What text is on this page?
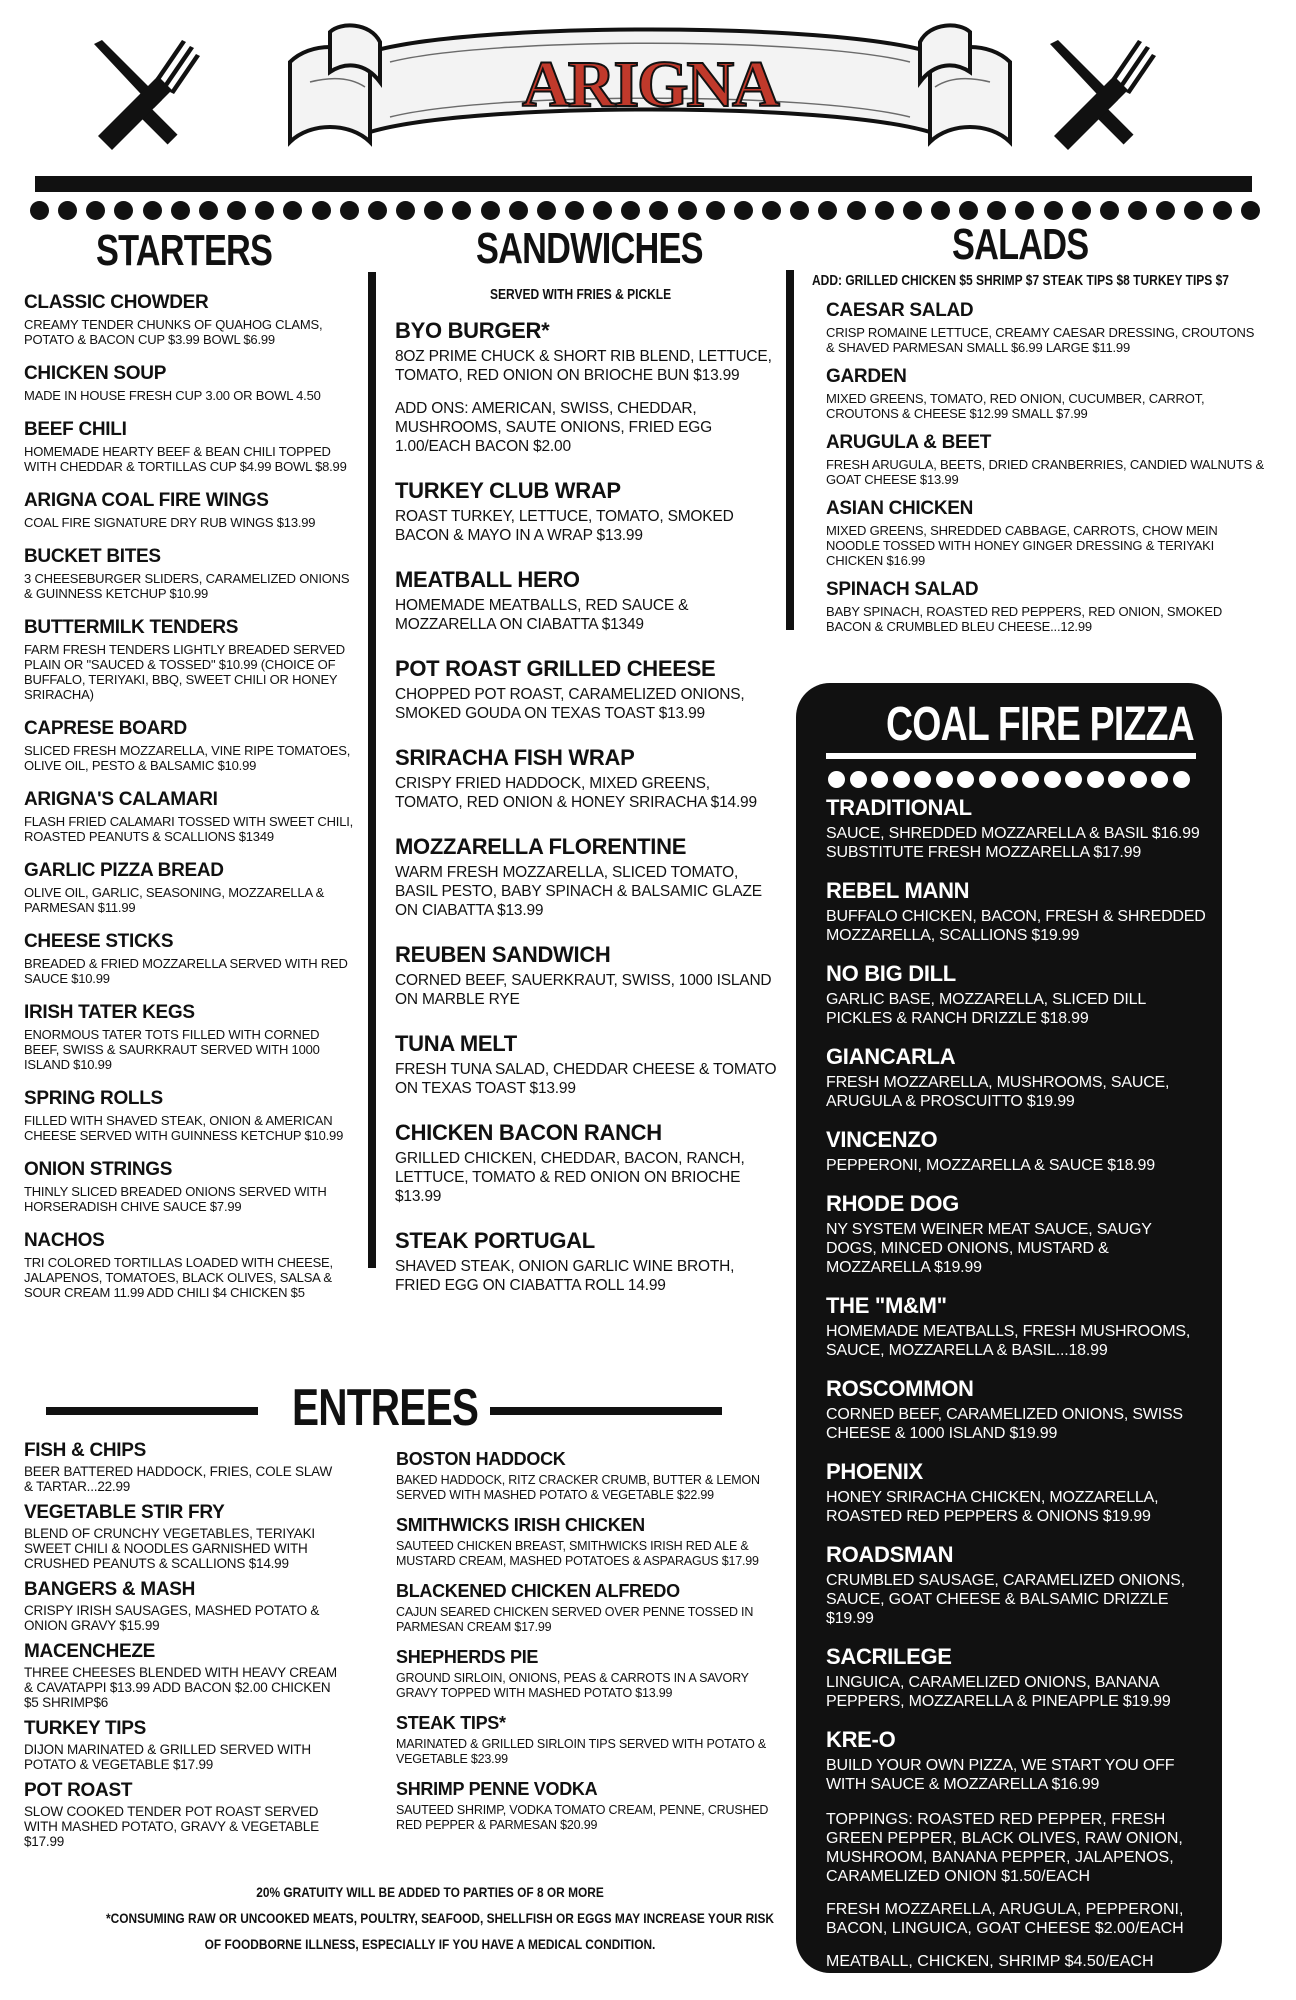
ARIGNA
STARTERS
CLASSIC CHOWDER
CREAMY TENDER CHUNKS OF QUAHOG CLAMS, POTATO & BACON CUP $3.99 BOWL $6.99
CHICKEN SOUP
MADE IN HOUSE FRESH CUP 3.00 OR BOWL 4.50
BEEF CHILI
HOMEMADE HEARTY BEEF & BEAN CHILI TOPPED WITH CHEDDAR & TORTILLAS CUP $4.99 BOWL $8.99
ARIGNA COAL FIRE WINGS
COAL FIRE SIGNATURE DRY RUB WINGS $13.99
BUCKET BITES
3 CHEESEBURGER SLIDERS, CARAMELIZED ONIONS & GUINNESS KETCHUP $10.99
BUTTERMILK TENDERS
FARM FRESH TENDERS LIGHTLY BREADED SERVED PLAIN OR "SAUCED & TOSSED" $10.99 (CHOICE OF BUFFALO, TERIYAKI, BBQ, SWEET CHILI OR HONEY SRIRACHA)
CAPRESE BOARD
SLICED FRESH MOZZARELLA, VINE RIPE TOMATOES, OLIVE OIL, PESTO & BALSAMIC $10.99
ARIGNA'S CALAMARI
FLASH FRIED CALAMARI TOSSED WITH SWEET CHILI, ROASTED PEANUTS & SCALLIONS $1349
GARLIC PIZZA BREAD
OLIVE OIL, GARLIC, SEASONING, MOZZARELLA & PARMESAN $11.99
CHEESE STICKS
BREADED & FRIED MOZZARELLA SERVED WITH RED SAUCE $10.99
IRISH TATER KEGS
ENORMOUS TATER TOTS FILLED WITH CORNED BEEF, SWISS & SAURKRAUT SERVED WITH 1000 ISLAND $10.99
SPRING ROLLS
FILLED WITH SHAVED STEAK, ONION & AMERICAN CHEESE SERVED WITH GUINNESS KETCHUP $10.99
ONION STRINGS
THINLY SLICED BREADED ONIONS SERVED WITH HORSERADISH CHIVE SAUCE $7.99
NACHOS
TRI COLORED TORTILLAS LOADED WITH CHEESE, JALAPENOS, TOMATOES, BLACK OLIVES, SALSA & SOUR CREAM 11.99 ADD CHILI $4 CHICKEN $5
SANDWICHES
SERVED WITH FRIES & PICKLE
BYO BURGER*
8OZ PRIME CHUCK & SHORT RIB BLEND, LETTUCE, TOMATO, RED ONION ON BRIOCHE BUN $13.99
ADD ONS: AMERICAN, SWISS, CHEDDAR, MUSHROOMS, SAUTE ONIONS, FRIED EGG 1.00/EACH BACON $2.00
TURKEY CLUB WRAP
ROAST TURKEY, LETTUCE, TOMATO, SMOKED BACON & MAYO IN A WRAP $13.99
MEATBALL HERO
HOMEMADE MEATBALLS, RED SAUCE & MOZZARELLA ON CIABATTA $1349
POT ROAST GRILLED CHEESE
CHOPPED POT ROAST, CARAMELIZED ONIONS, SMOKED GOUDA ON TEXAS TOAST $13.99
SRIRACHA FISH WRAP
CRISPY FRIED HADDOCK, MIXED GREENS, TOMATO, RED ONION & HONEY SRIRACHA $14.99
MOZZARELLA FLORENTINE
WARM FRESH MOZZARELLA, SLICED TOMATO, BASIL PESTO, BABY SPINACH & BALSAMIC GLAZE ON CIABATTA $13.99
REUBEN SANDWICH
CORNED BEEF, SAUERKRAUT, SWISS, 1000 ISLAND ON MARBLE RYE
TUNA MELT
FRESH TUNA SALAD, CHEDDAR CHEESE & TOMATO ON TEXAS TOAST $13.99
CHICKEN BACON RANCH
GRILLED CHICKEN, CHEDDAR, BACON, RANCH, LETTUCE, TOMATO & RED ONION ON BRIOCHE $13.99
STEAK PORTUGAL
SHAVED STEAK, ONION GARLIC WINE BROTH, FRIED EGG ON CIABATTA ROLL 14.99
SALADS
ADD: GRILLED CHICKEN $5 SHRIMP $7 STEAK TIPS $8 TURKEY TIPS $7
CAESAR SALAD
CRISP ROMAINE LETTUCE, CREAMY CAESAR DRESSING, CROUTONS & SHAVED PARMESAN SMALL $6.99 LARGE $11.99
GARDEN
MIXED GREENS, TOMATO, RED ONION, CUCUMBER, CARROT, CROUTONS & CHEESE $12.99 SMALL $7.99
ARUGULA & BEET
FRESH ARUGULA, BEETS, DRIED CRANBERRIES, CANDIED WALNUTS & GOAT CHEESE $13.99
ASIAN CHICKEN
MIXED GREENS, SHREDDED CABBAGE, CARROTS, CHOW MEIN NOODLE TOSSED WITH HONEY GINGER DRESSING & TERIYAKI CHICKEN $16.99
SPINACH SALAD
BABY SPINACH, ROASTED RED PEPPERS, RED ONION, SMOKED BACON & CRUMBLED BLEU CHEESE...12.99
COAL FIRE PIZZA
TRADITIONAL
SAUCE, SHREDDED MOZZARELLA & BASIL $16.99 SUBSTITUTE FRESH MOZZARELLA $17.99
REBEL MANN
BUFFALO CHICKEN, BACON, FRESH & SHREDDED MOZZARELLA, SCALLIONS $19.99
NO BIG DILL
GARLIC BASE, MOZZARELLA, SLICED DILL PICKLES & RANCH DRIZZLE $18.99
GIANCARLA
FRESH MOZZARELLA, MUSHROOMS, SAUCE, ARUGULA & PROSCUITTO $19.99
VINCENZO
PEPPERONI, MOZZARELLA & SAUCE $18.99
RHODE DOG
NY SYSTEM WEINER MEAT SAUCE, SAUGY DOGS, MINCED ONIONS, MUSTARD & MOZZARELLA $19.99
THE "M&M"
HOMEMADE MEATBALLS, FRESH MUSHROOMS, SAUCE, MOZZARELLA & BASIL...18.99
ROSCOMMON
CORNED BEEF, CARAMELIZED ONIONS, SWISS CHEESE & 1000 ISLAND $19.99
PHOENIX
HONEY SRIRACHA CHICKEN, MOZZARELLA, ROASTED RED PEPPERS & ONIONS $19.99
ROADSMAN
CRUMBLED SAUSAGE, CARAMELIZED ONIONS, SAUCE, GOAT CHEESE & BALSAMIC DRIZZLE $19.99
SACRILEGE
LINGUICA, CARAMELIZED ONIONS, BANANA PEPPERS, MOZZARELLA & PINEAPPLE $19.99
KRE-O
BUILD YOUR OWN PIZZA, WE START YOU OFF WITH SAUCE & MOZZARELLA $16.99
TOPPINGS: ROASTED RED PEPPER, FRESH GREEN PEPPER, BLACK OLIVES, RAW ONION, MUSHROOM, BANANA PEPPER, JALAPENOS, CARAMELIZED ONION $1.50/EACH
FRESH MOZZARELLA, ARUGULA, PEPPERONI, BACON, LINGUICA, GOAT CHEESE $2.00/EACH
MEATBALL, CHICKEN, SHRIMP $4.50/EACH
ENTREES
FISH & CHIPS
BEER BATTERED HADDOCK, FRIES, COLE SLAW & TARTAR...22.99
VEGETABLE STIR FRY
BLEND OF CRUNCHY VEGETABLES, TERIYAKI SWEET CHILI & NOODLES GARNISHED WITH CRUSHED PEANUTS & SCALLIONS $14.99
BANGERS & MASH
CRISPY IRISH SAUSAGES, MASHED POTATO & ONION GRAVY $15.99
MACENCHEZE
THREE CHEESES BLENDED WITH HEAVY CREAM & CAVATAPPI $13.99 ADD BACON $2.00 CHICKEN $5 SHRIMP$6
TURKEY TIPS
DIJON MARINATED & GRILLED SERVED WITH POTATO & VEGETABLE $17.99
POT ROAST
SLOW COOKED TENDER POT ROAST SERVED WITH MASHED POTATO, GRAVY & VEGETABLE $17.99
BOSTON HADDOCK
BAKED HADDOCK, RITZ CRACKER CRUMB, BUTTER & LEMON SERVED WITH MASHED POTATO & VEGETABLE $22.99
SMITHWICKS IRISH CHICKEN
SAUTEED CHICKEN BREAST, SMITHWICKS IRISH RED ALE & MUSTARD CREAM, MASHED POTATOES & ASPARAGUS $17.99
BLACKENED CHICKEN ALFREDO
CAJUN SEARED CHICKEN SERVED OVER PENNE TOSSED IN PARMESAN CREAM $17.99
SHEPHERDS PIE
GROUND SIRLOIN, ONIONS, PEAS & CARROTS IN A SAVORY GRAVY TOPPED WITH MASHED POTATO $13.99
STEAK TIPS*
MARINATED & GRILLED SIRLOIN TIPS SERVED WITH POTATO & VEGETABLE $23.99
SHRIMP PENNE VODKA
SAUTEED SHRIMP, VODKA TOMATO CREAM, PENNE, CRUSHED RED PEPPER & PARMESAN $20.99
20% GRATUITY WILL BE ADDED TO PARTIES OF 8 OR MORE
*CONSUMING RAW OR UNCOOKED MEATS, POULTRY, SEAFOOD, SHELLFISH OR EGGS MAY INCREASE YOUR RISK
OF FOODBORNE ILLNESS, ESPECIALLY IF YOU HAVE A MEDICAL CONDITION.
